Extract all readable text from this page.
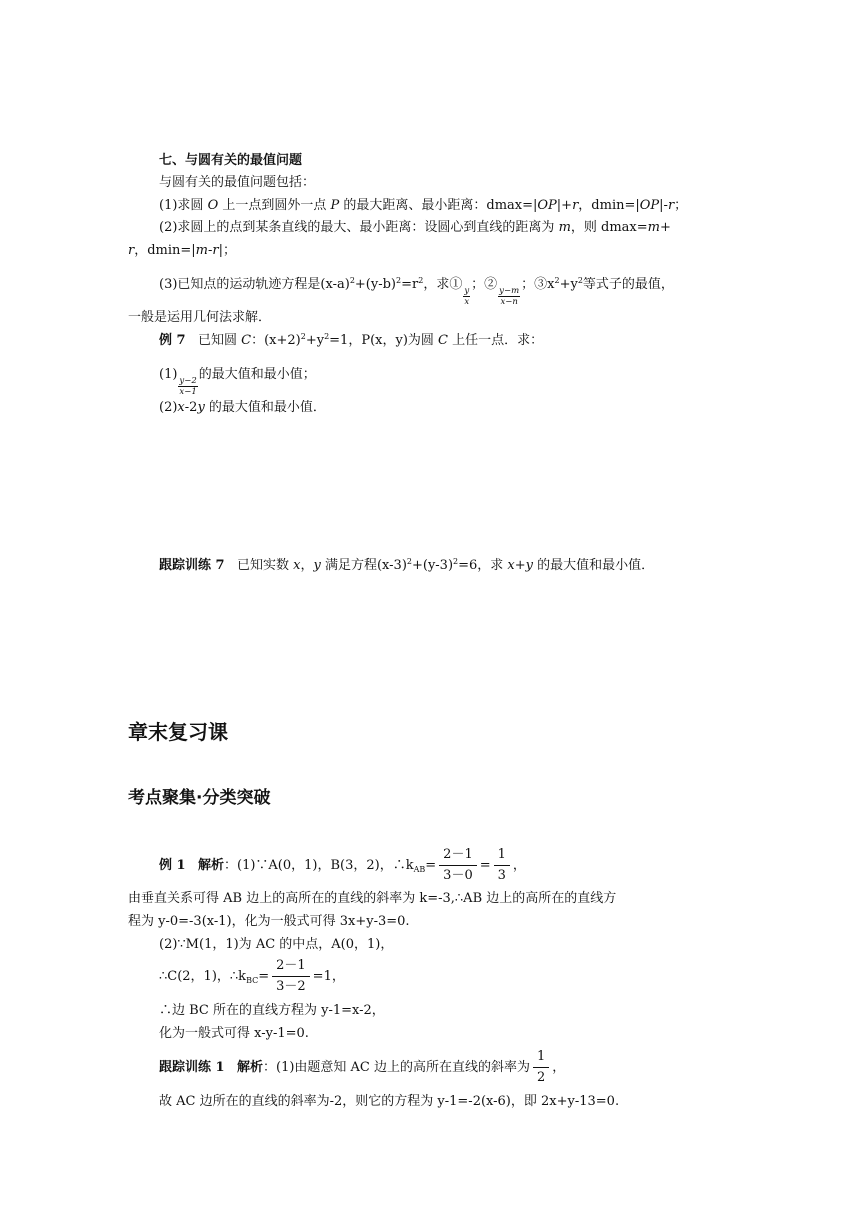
七、与圆有关的最值问题
与圆有关的最值问题包括：
(1)求圆 O 上一点到圆外一点 P 的最大距离、最小距离：dmax=|OP|+r，dmin=|OP|-r；
(2)求圆上的点到某条直线的最大、最小距离：设圆心到直线的距离为 m，则 dmax=m+
r，dmin=|m-r|；
(3)已知点的运动轨迹方程是$(x-a)^2+(y-b)^2=r^2$，求①
$\frac{y}{x}$
；②
$\frac{y-m}{x-n}$
；$③x^2+y^2$等式子的最值，
一般是运用几何法求解．
例 7 已知圆 C：$(x+2)^2+y^2=1$，P(x，y)为圆 C 上任一点．求：
(1)
$\frac{y-2}{x-1}$
的最大值和最小值；
(2)x-2y 的最大值和最小值．
跟踪训练 7 已知实数 x，y 满足方程$(x-3)^2+(y-3)^2=6$，求 x+y 的最大值和最小值．
章末复习课
考点聚集·分类突破
例 1 解析：(1)∵A(0，1)，B(3，2)，$\therefore k_{AB}= \frac{2-1}{3-0} = \frac{1}{3}$ ，
由垂直关系可得 AB 边上的高所在的直线的斜率为 k=-3,∴AB 边上的高所在的直线方
程为 y-0=-3(x-1)，化为一般式可得 3x+y-3=0.
(2)∵M(1，1)为 AC 的中点，A(0，1)，
∴C(2，1)，$\therefore k_{BC}= \frac{2-1}{3-2} =1$，
∴边 BC 所在的直线方程为 y-1=x-2，
化为一般式可得 x-y-1=0.
跟踪训练 1 解析：(1)由题意知 AC 边上的高所在直线的斜率为 $\frac{1}{2}$ ，
故 AC 边所在的直线的斜率为-2，则它的方程为 y-1=-2(x-6)，即 2x+y-13=0.
